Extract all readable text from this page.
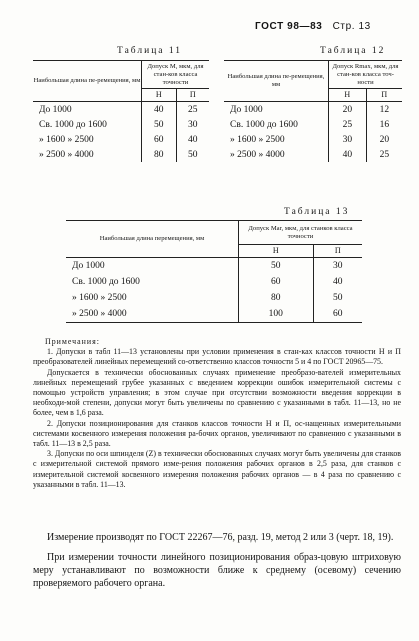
ГОСТ 98—83 Стр. 13
Таблица 11
Наибольшая длина пе-ремещения, мм	Допуск M, мкм, для стан-ков класса точности	
	Н	П
До 1000	40	25
Св. 1000 до 1600	50	30
» 1600 » 2500	60	40
» 2500 » 4000	80	50
Таблица 12
Наибольшая длина пе-ремещения, мм	Допуск Rmax, мкм, для стан-ков класса точ-ности	
	Н	П
До 1000	20	12
Св. 1000 до 1600	25	16
» 1600 » 2500	30	20
» 2500 » 4000	40	25
Таблица 13
Наибольшая длина перемещения, мм	Допуск Mar, мкм, для станков класса точности	
	Н	П
До 1000	50	30
Св. 1000 до 1600	60	40
» 1600 » 2500	80	50
» 2500 » 4000	100	60

Примечания:

1. Допуски в табл 11—13 установлены при условии применения в стан-ках классов точности Н и П преобразователей линейных перемещений со-ответственно классов точности 5 и 4 по ГОСТ 20965—75.

Допускается в технически обоснованных случаях применение преобразо-вателей измерительных линейных перемещений грубее указанных с введением коррекции ошибок измерительной системы с помощью устройств управления; в этом случае при отсутствии возможности введения коррекции в необходи-мой степени, допуски могут быть увеличены по сравнению с указанными в табл. 11—13, но не более, чем в 1,6 раза.

2. Допуски позиционирования для станков классов точности Н и П, ос-нащенных измерительными системами косвенного измерения положения ра-бочих органов, увеличивают по сравнению с указанными в табл. 11—13 в 2,5 раза.

3. Допуски по оси шпинделя (Z) в технически обоснованных случаях могут быть увеличены для станков с измерительной системой прямого изме-рения положения рабочих органов в 2,5 раза, для станков с измерительной системой косвенного измерения положения рабочих органов — в 4 раза по сравнению с указанными в табл. 11—13.

Измерение производят по ГОСТ 22267—76, разд. 19, метод 2 или 3 (черт. 18, 19).

При измерении точности линейного позиционирования образ-цовую штриховую меру устанавливают по возможности ближе к среднему (осевому) сечению проверяемого рабочего органа.
